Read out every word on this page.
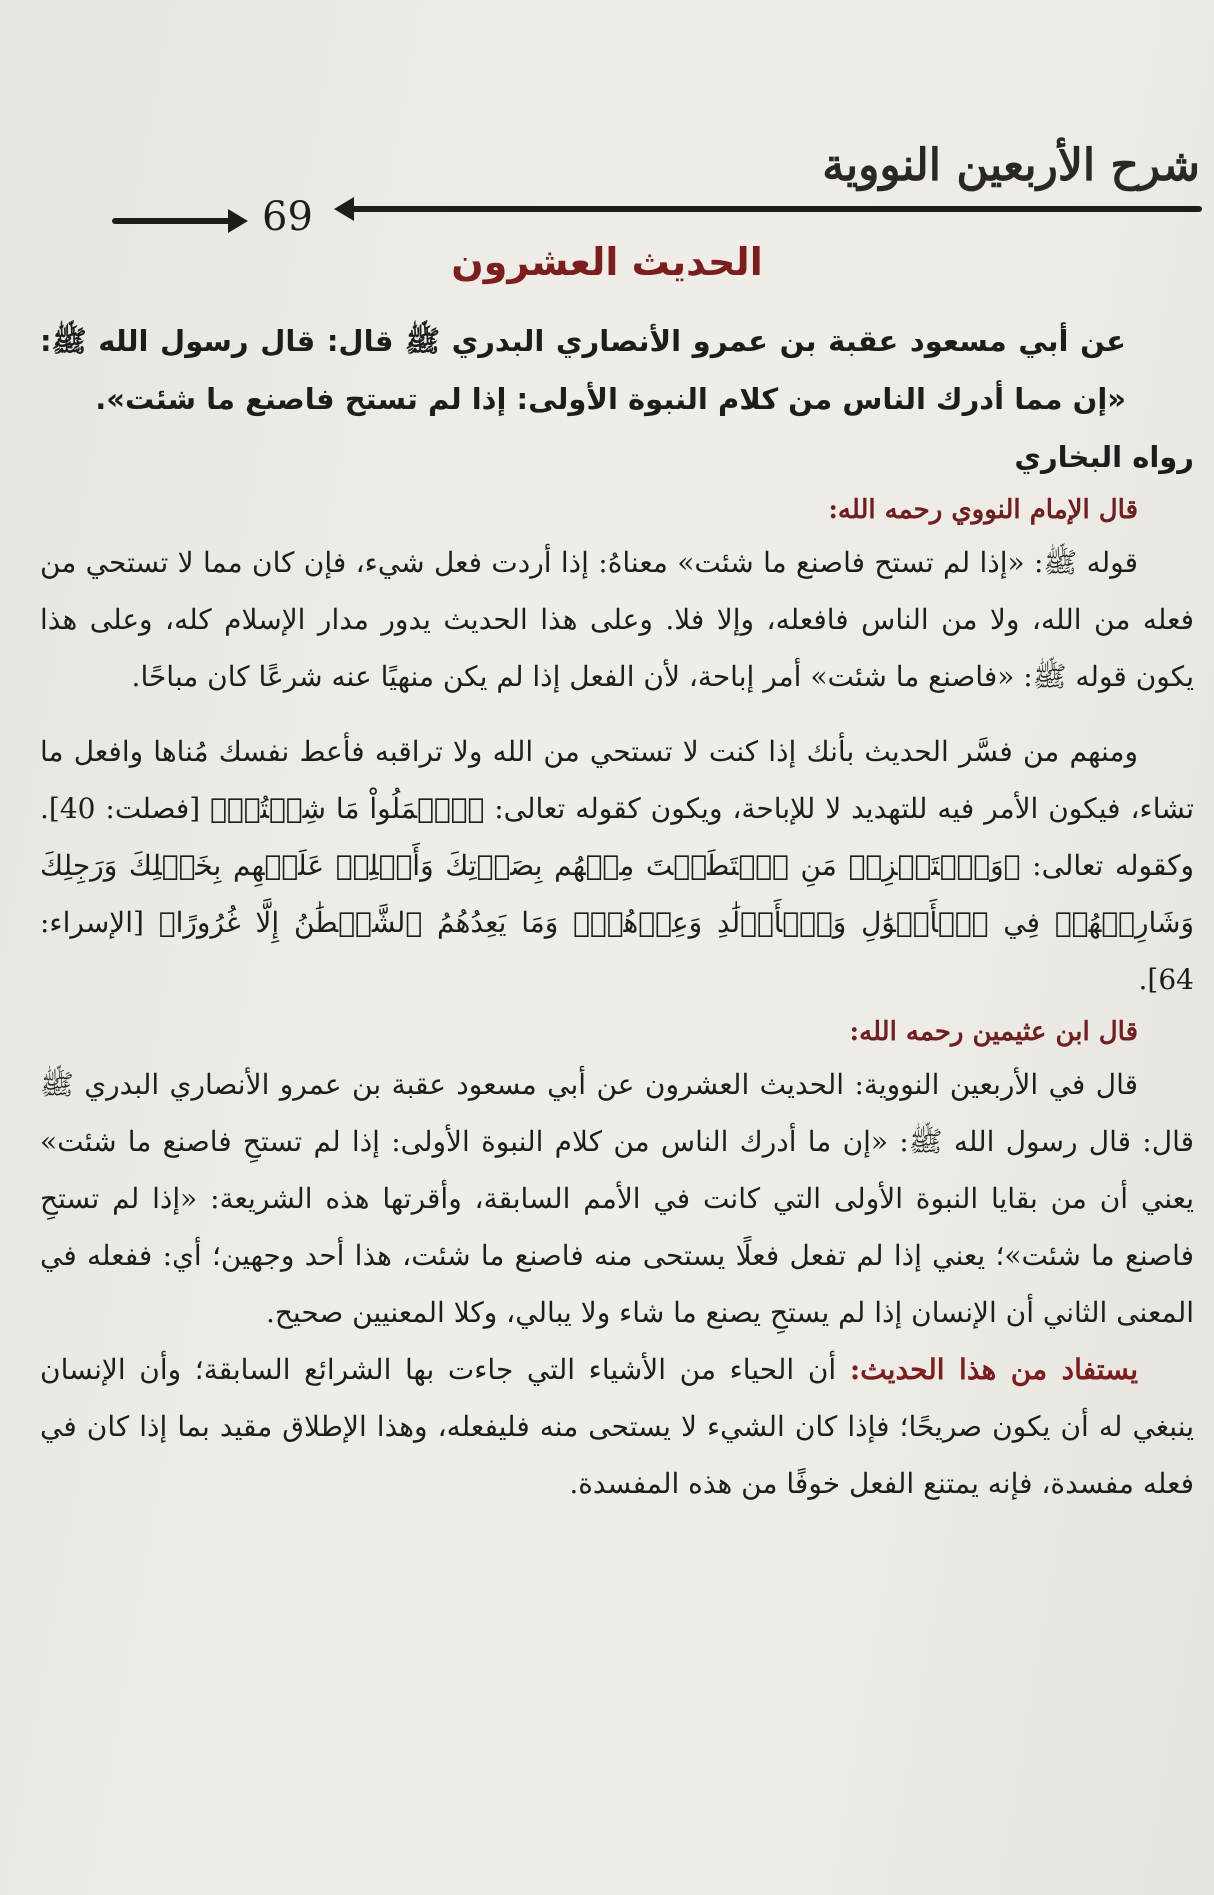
شرح الأربعين النووية
69
الحديث العشرون

عن أبي مسعود عقبة بن عمرو الأنصاري البدري ﷺ قال: قال رسول الله ﷺ: «إن مما أدرك الناس من كلام النبوة الأولى: إذا لم تستح فاصنع ما شئت».

رواه البخاري

قال الإمام النووي رحمه الله:

قوله ﷺ: «إذا لم تستح فاصنع ما شئت» معناهُ: إذا أردت فعل شيء، فإن كان مما لا تستحي من فعله من الله، ولا من الناس فافعله، وإلا فلا. وعلى هذا الحديث يدور مدار الإسلام كله، وعلى هذا يكون قوله ﷺ: «فاصنع ما شئت» أمر إباحة، لأن الفعل إذا لم يكن منهيًا عنه شرعًا كان مباحًا.

ومنهم من فسَّر الحديث بأنك إذا كنت لا تستحي من الله ولا تراقبه فأعط نفسك مُناها وافعل ما تشاء، فيكون الأمر فيه للتهديد لا للإباحة، ويكون كقوله تعالى: ﴿ٱعۡمَلُواْ مَا شِئۡتُمۡ﴾ [فصلت: 40]. وكقوله تعالى: ﴿وَٱسۡتَفۡزِزۡ مَنِ ٱسۡتَطَعۡتَ مِنۡهُم بِصَوۡتِكَ وَأَجۡلِبۡ عَلَيۡهِم بِخَيۡلِكَ وَرَجِلِكَ وَشَارِكۡهُمۡ فِي ٱلۡأَمۡوَٰلِ وَٱلۡأَوۡلَٰدِ وَعِدۡهُمۡۚ وَمَا يَعِدُهُمُ ٱلشَّيۡطَٰنُ إِلَّا غُرُورًا﴾ [الإسراء: 64].

قال ابن عثيمين رحمه الله:

قال في الأربعين النووية: الحديث العشرون عن أبي مسعود عقبة بن عمرو الأنصاري البدري ﷺ قال: قال رسول الله ﷺ: «إن ما أدرك الناس من كلام النبوة الأولى: إذا لم تستحِ فاصنع ما شئت» يعني أن من بقايا النبوة الأولى التي كانت في الأمم السابقة، وأقرتها هذه الشريعة: «إذا لم تستحِ فاصنع ما شئت»؛ يعني إذا لم تفعل فعلًا يستحى منه فاصنع ما شئت، هذا أحد وجهين؛ أي: ففعله في المعنى الثاني أن الإنسان إذا لم يستحِ يصنع ما شاء ولا يبالي، وكلا المعنيين صحيح.

يستفاد من هذا الحديث: أن الحياء من الأشياء التي جاءت بها الشرائع السابقة؛ وأن الإنسان ينبغي له أن يكون صريحًا؛ فإذا كان الشيء لا يستحى منه فليفعله، وهذا الإطلاق مقيد بما إذا كان في فعله مفسدة، فإنه يمتنع الفعل خوفًا من هذه المفسدة.
